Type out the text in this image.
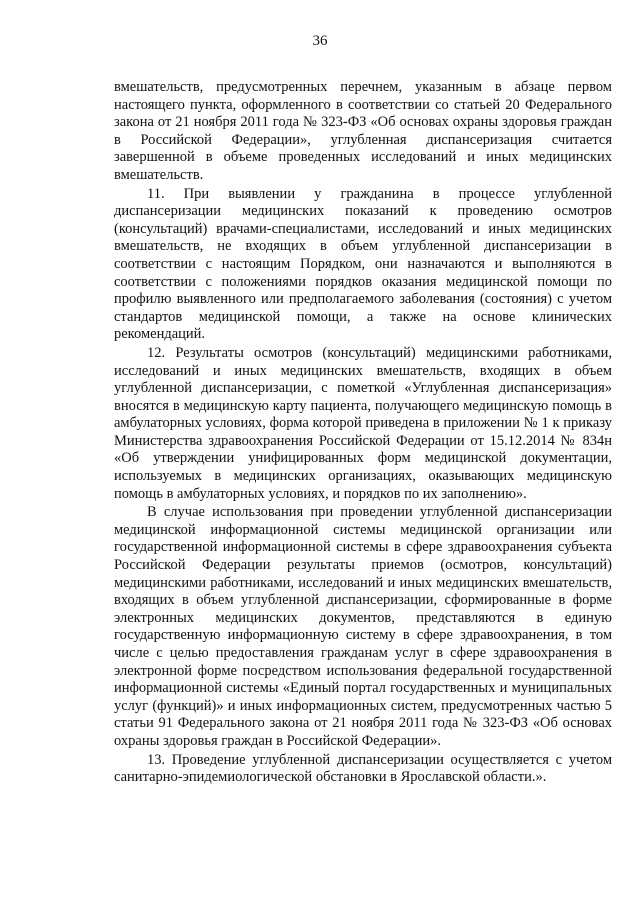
36

вмешательств, предусмотренных перечнем, указанным в абзаце первом настоящего пункта, оформленного в соответствии со статьей 20 Федерального закона от 21 ноября 2011 года № 323-ФЗ «Об основах охраны здоровья граждан в Российской Федерации», углубленная диспансеризация считается завершенной в объеме проведенных исследований и иных медицинских вмешательств.

11. При выявлении у гражданина в процессе углубленной диспансеризации медицинских показаний к проведению осмотров (консультаций) врачами-специалистами, исследований и иных медицинских вмешательств, не входящих в объем углубленной диспансеризации в соответствии с настоящим Порядком, они назначаются и выполняются в соответствии с положениями порядков оказания медицинской помощи по профилю выявленного или предполагаемого заболевания (состояния) с учетом стандартов медицинской помощи, а также на основе клинических рекомендаций.

12. Результаты осмотров (консультаций) медицинскими работниками, исследований и иных медицинских вмешательств, входящих в объем углубленной диспансеризации, с пометкой «Углубленная диспансеризация» вносятся в медицинскую карту пациента, получающего медицинскую помощь в амбулаторных условиях, форма которой приведена в приложении № 1 к приказу Министерства здравоохранения Российской Федерации от 15.12.2014 № 834н «Об утверждении унифицированных форм медицинской документации, используемых в медицинских организациях, оказывающих медицинскую помощь в амбулаторных условиях, и порядков по их заполнению».

В случае использования при проведении углубленной диспансеризации медицинской информационной системы медицинской организации или государственной информационной системы в сфере здравоохранения субъекта Российской Федерации результаты приемов (осмотров, консультаций) медицинскими работниками, исследований и иных медицинских вмешательств, входящих в объем углубленной диспансеризации, сформированные в форме электронных медицинских документов, представляются в единую государственную информационную систему в сфере здравоохранения, в том числе с целью предоставления гражданам услуг в сфере здравоохранения в электронной форме посредством использования федеральной государственной информационной системы «Единый портал государственных и муниципальных услуг (функций)» и иных информационных систем, предусмотренных частью 5 статьи 91 Федерального закона от 21 ноября 2011 года № 323-ФЗ «Об основах охраны здоровья граждан в Российской Федерации».

13. Проведение углубленной диспансеризации осуществляется с учетом санитарно-эпидемиологической обстановки в Ярославской области.».
